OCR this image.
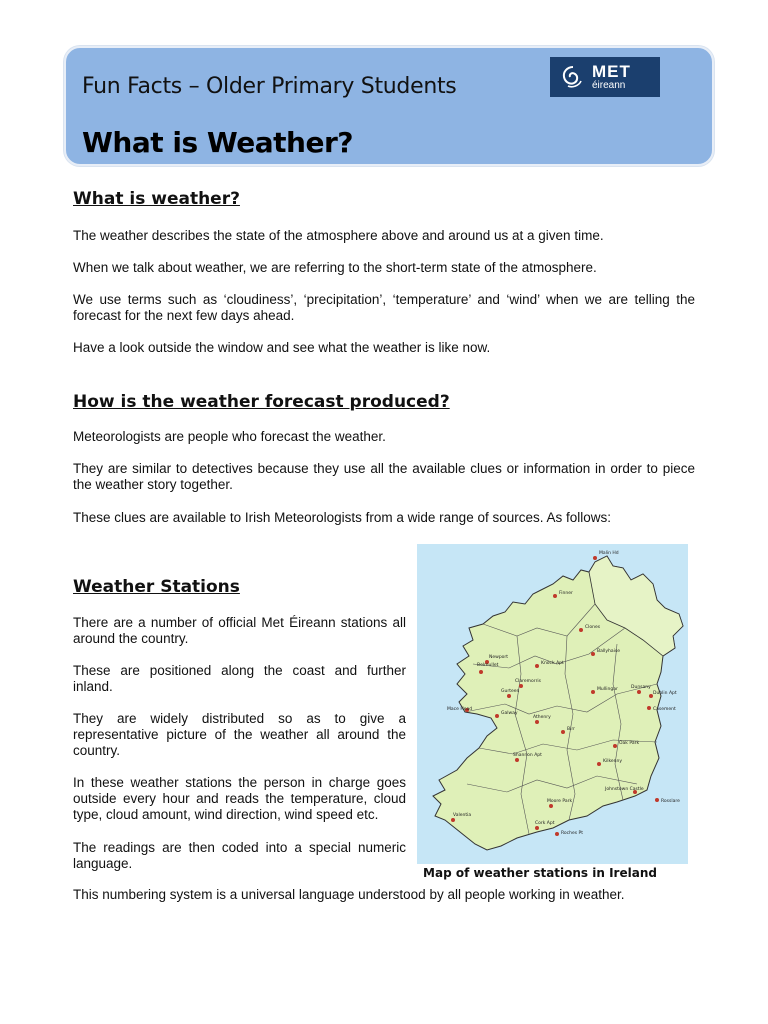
Fun Facts – Older Primary Students
What is Weather?
MET
éireann
What is weather?

The weather describes the state of the atmosphere above and around us at a given time.

When we talk about weather, we are referring to the short-term state of the atmosphere.

We use terms such as ‘cloudiness’, ‘precipitation’, ‘temperature’ and ‘wind’ when we are telling the forecast for the next few days ahead.

Have a look outside the window and see what the weather is like now.

How is the weather forecast produced?

Meteorologists are people who forecast the weather.

They are similar to detectives because they use all the available clues or information in order to piece the weather story together.

These clues are available to Irish Meteorologists from a wide range of sources. As follows:

Weather Stations

There are a number of official Met Éireann stations all around the country.

These are positioned along the coast and further inland.

They are widely distributed so as to give a representative picture of the weather all around the country.

In these weather stations the person in charge goes outside every hour and reads the temperature, cloud type, cloud amount, wind direction, wind speed etc.

The readings are then coded into a special numeric language.

This numbering system is a universal language understood by all people working in weather.

Malin Hd
Finner
Belmullet	Knock Apt
Claremorris
Mullingar
Dublin Apt
Casement
Galway
Birr
Shannon Apt
Oak Park
Kilkenny
Johnstown Castle
Rosslare
Valentia
Moore Park
Cork Apt
Roches Pt
Clones
Ballyhaise
Athenry
Gurteen
Dunsany
Newport
Mace Head
Map of weather stations in Ireland
